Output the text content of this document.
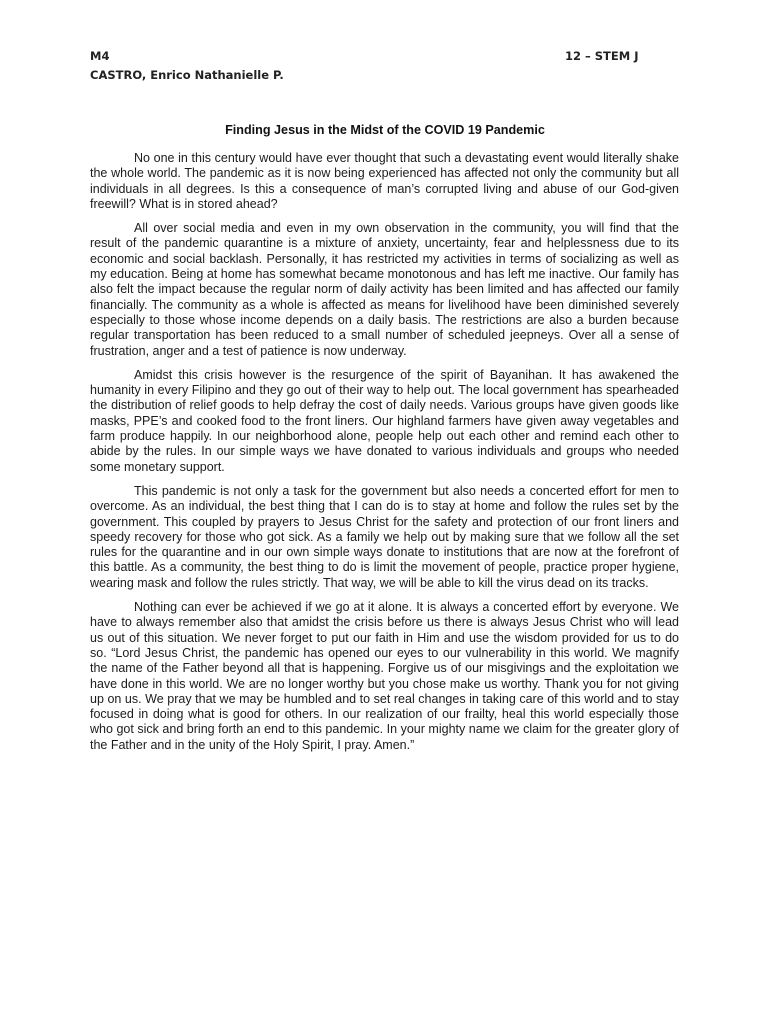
M4
CASTRO, Enrico Nathanielle P.
12 – STEM J
Finding Jesus in the Midst of the COVID 19 Pandemic

No one in this century would have ever thought that such a devastating event would literally shake the whole world. The pandemic as it is now being experienced has affected not only the community but all individuals in all degrees. Is this a consequence of man’s corrupted living and abuse of our God-given freewill? What is in stored ahead?

All over social media and even in my own observation in the community, you will find that the result of the pandemic quarantine is a mixture of anxiety, uncertainty, fear and helplessness due to its economic and social backlash. Personally, it has restricted my activities in terms of socializing as well as my education. Being at home has somewhat became monotonous and has left me inactive. Our family has also felt the impact because the regular norm of daily activity has been limited and has affected our family financially. The community as a whole is affected as means for livelihood have been diminished severely especially to those whose income depends on a daily basis. The restrictions are also a burden because regular transportation has been reduced to a small number of scheduled jeepneys. Over all a sense of frustration, anger and a test of patience is now underway.

Amidst this crisis however is the resurgence of the spirit of Bayanihan. It has awakened the humanity in every Filipino and they go out of their way to help out. The local government has spearheaded the distribution of relief goods to help defray the cost of daily needs. Various groups have given goods like masks, PPE’s and cooked food to the front liners. Our highland farmers have given away vegetables and farm produce happily. In our neighborhood alone, people help out each other and remind each other to abide by the rules. In our simple ways we have donated to various individuals and groups who needed some monetary support.

This pandemic is not only a task for the government but also needs a concerted effort for men to overcome. As an individual, the best thing that I can do is to stay at home and follow the rules set by the government. This coupled by prayers to Jesus Christ for the safety and protection of our front liners and speedy recovery for those who got sick. As a family we help out by making sure that we follow all the set rules for the quarantine and in our own simple ways donate to institutions that are now at the forefront of this battle. As a community, the best thing to do is limit the movement of people, practice proper hygiene, wearing mask and follow the rules strictly. That way, we will be able to kill the virus dead on its tracks.

Nothing can ever be achieved if we go at it alone. It is always a concerted effort by everyone. We have to always remember also that amidst the crisis before us there is always Jesus Christ who will lead us out of this situation. We never forget to put our faith in Him and use the wisdom provided for us to do so. “Lord Jesus Christ, the pandemic has opened our eyes to our vulnerability in this world. We magnify the name of the Father beyond all that is happening. Forgive us of our misgivings and the exploitation we have done in this world. We are no longer worthy but you chose make us worthy. Thank you for not giving up on us. We pray that we may be humbled and to set real changes in taking care of this world and to stay focused in doing what is good for others. In our realization of our frailty, heal this world especially those who got sick and bring forth an end to this pandemic. In your mighty name we claim for the greater glory of the Father and in the unity of the Holy Spirit, I pray. Amen.”
